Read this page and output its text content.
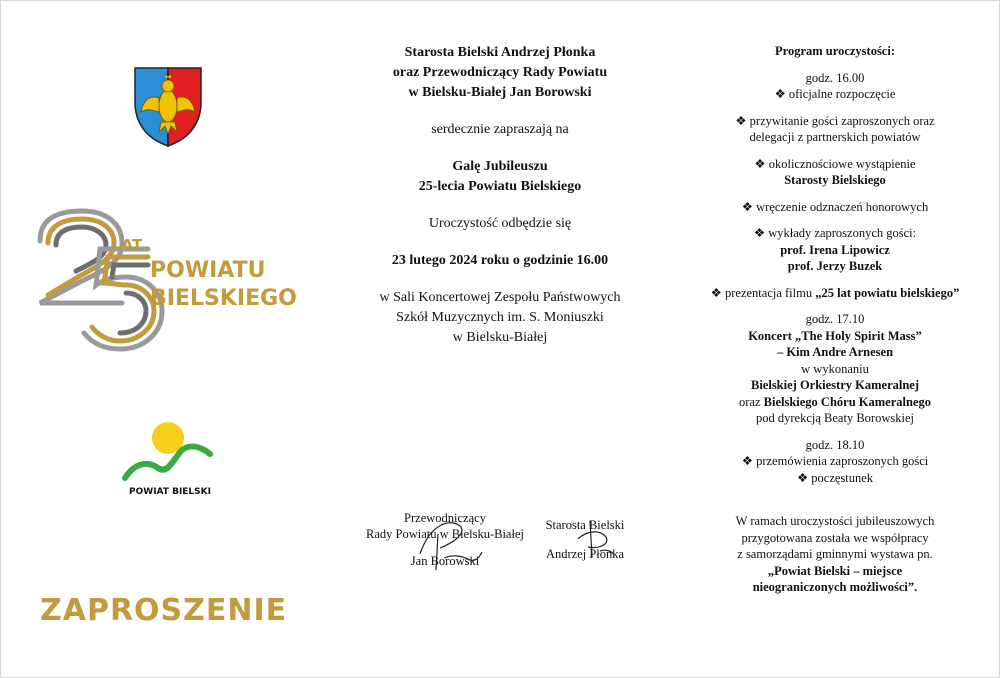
LAT
POWIATU
BIELSKIEGO
POWIAT BIELSKI
ZAPROSZENIE
Starosta Bielski Andrzej Płonka
oraz Przewodniczący Rady Powiatu
w Bielsku-Białej Jan Borowski
serdecznie zapraszają na
Galę Jubileuszu
25-lecia Powiatu Bielskiego
Uroczystość odbędzie się
23 lutego 2024 roku o godzinie 16.00
w Sali Koncertowej Zespołu Państwowych
Szkół Muzycznych im. S. Moniuszki
w Bielsku-Białej
Przewodniczący
Rady Powiatu w Bielsku-Białej
Jan Borowski
Starosta Bielski
Andrzej Płonka
Program uroczystości:
godz. 16.00
❖ oficjalne rozpoczęcie
❖ przywitanie gości zaproszonych oraz
delegacji z partnerskich powiatów
❖ okolicznościowe wystąpienie
Starosty Bielskiego
❖ wręczenie odznaczeń honorowych
❖ wykłady zaproszonych gości:
prof. Irena Lipowicz
prof. Jerzy Buzek
❖ prezentacja filmu „25 lat powiatu bielskiego”
godz. 17.10
Koncert „The Holy Spirit Mass”
– Kim Andre Arnesen
w wykonaniu
Bielskiej Orkiestry Kameralnej
oraz Bielskiego Chóru Kameralnego
pod dyrekcją Beaty Borowskiej
godz. 18.10
❖ przemówienia zaproszonych gości
❖ poczęstunek
W ramach uroczystości jubileuszowych
przygotowana została we współpracy
z samorządami gminnymi wystawa pn.
„Powiat Bielski – miejsce
nieograniczonych możliwości”.
